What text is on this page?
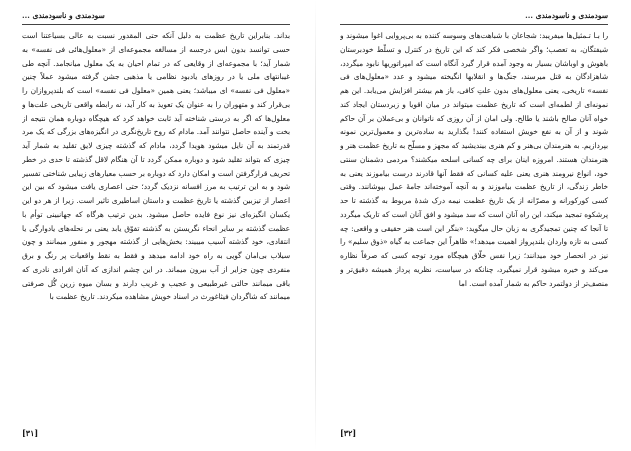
سودمندی و ناسودمندی ...

بداند. بنابراین تاریخ عظمت به دلیل آنکه حتی المقدور نسبت به عالی بسیاعتنا است حسی توانسد بدون ابس درجسه از مسالغه مجموعه‌ای از «معلول‌هائی فی نفسه» به شمار آید؛ با مجموعه‌ای از وقایعی که در تمام احیان به یک معلول میانجامد. آنچه طی غیبانتهای ملی یا در روزهای یادبود نظامی یا مذهبی جشن گرفته میشود عملاً چنین «معلول فی نفسه» ای میباشد؛ یعنی همین «معلول فی نفسه» است که بلندپروازان را بی‌قرار کند و متهوران را به عنوان یک تعویذ به کار آید، نه رابطه واقعی تاریخی علت‌ها و معلول‌ها که اگر به درستی شناخته آید ثابت خواهد کرد که هیچگاه دوباره همان نتیجه از بخت و آینده حاصل نتوانند آمد. مادام که روح تاریخ‌نگری در انگیزه‌های بزرگی که یک مرد قدرتمند به آن نایل میشود هویدا گردد، مادام که گذشته چیزی لایق تقلید به شمار آید چیزی که بتواند تقلید شود و دوباره ممکن گردد تا آن هنگام لاقل گذشته تا حدی در خطر تحریف قرارگرفتن است و امکان دارد که دوباره بر حسب معیارهای زیبایی شناختی تفسیر شود و به این ترتیب به مرز افسانه نزدیک گردد؛ حتی اعصاری یافت میشود که بین این اعصار از تیزبین گذشته یا تاریخ عظمت و داستان اساطیری تاثیر است. زیرا از هر دو این یکسان انگیزه‌ای نیز نوع فایده حاصل میشود. بدین ترتیب هرگاه که جهانبینی توأم با عظمت گذشته بر سایر انحاء نگریستن به گذشته تفوّق یابد یعنی بر نحله‌های یادوارگی یا انتقادی، خود گذشته آسیب میبیند: بخش‌هایی از گذشته مهجور و منفور میمانند و چون سیلاب بی‌امان گویی به راه خود ادامه میدهد و فقط به نقط واقعیات پر رنگ و برق منفردی چون جزایر از آب بیرون میماند. در این چشم اندازی که آنان افرادی نادری که باقی میمانند حالتی غیرطبیعی و عجیب و غریب دارند و بسان میوه زرین گُل صرفتی میمانند که شاگردان فیثاغورث در اسناد خویش مشاهده میکردند. تاریخ عظمت با

[۳۱]
سودمندی و ناسودمندی ...

را بـا تـمثیل‌ها میفریبد: شجاعان با شباهت‌های وسوسه کننده به بی‌پروایی اغوا میشوند و شیفتگان، به تعصب؛ واگر شخصی فکر کند که این تاریخ در کنترل و تسلّط خودبرستان باهوش و اوباشان بسیار به وجود آمده قرار گیرد آنگاه است که امپراتوریها نابود میگردد، شاهزادگان به قتل میرسند، جنگ‌ها و انقلابها انگیخته میشود و عدد «معلول‌های فی نفسه» تاریخی، یعنی معلول‌های بدون علتِ کافی، باز هم بیشتر افزایش می‌یابد. این هم نمونه‌ای از لطمه‌ای است که تاریخ عظمت میتواند در میان اقویا و زبردستان ایجاد کند خواه آنان صالح باشند یا طالح. ولی امان از آن روزی که ناتوانان و بی‌عملان بر آن حاکم شوند و از آن به نفع خویش استفاده کنند! بگذارید به ساده‌ترین و معمول‌ترین نمونه بپردازیم. به هنرمندان بی‌هنر و کم هنری بیندیشید که مجهز و مسلّح به تاریخ عظمت هنر و هنرمندان هستند. امروزه اینان برای چه کسانی اسلحه میکشند؟ مردمی دشمنان سنتی خود، انواع نیرومند هنری یعنی علیه کسانی که فقط آنها قادرند درست بیاموزند یعنی به خاطر زندگی، از تاریخ عظمت بیاموزند و به آنچه آموخته‌اند جامهٔ عمل بپوشانند. وقتی کسی کورکورانه و مصرّانه از یک تاریخ عظمت نیمه درک شدهٔ مربوط به گذشته تا حد پرشکوه تمجید میکند، این راه آنان است که سد میشود و افق آنان است که تاریک میگردد تا آنجا که چنین تمجیدگری به زبان حال میگوید: «بنگر این است هنر حقیقی و واقعی: چه کسی به تازه واردان بلندپرواز اهمیت میدهد!» ظاهراً این جماعت به گیاه «ذوق سلیم» را نیز در انحصار خود میدانند؛ زیرا نفس خلّاق هیچگاه مورد توجه کسی که صرفاً نظاره می‌کند و خیره میشود قرار نمیگیرد، چنانکه در سیاست، نظریه پرداز همیشه دقیق‌تر و منصف‌تر از دولتمرد حاکم به شمار آمده است. اما

[۳۲]
